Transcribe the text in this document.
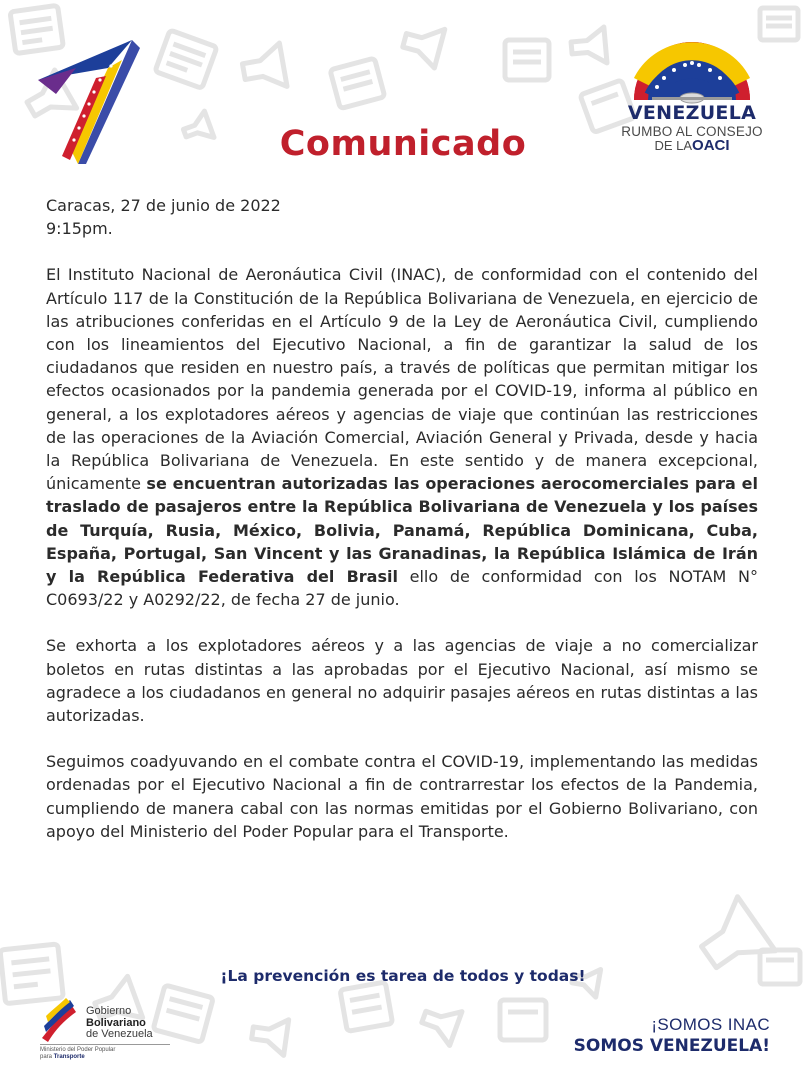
VENEZUELA
RUMBO AL CONSEJO
DE LAOACI
Comunicado

Caracas, 27 de junio de 2022

9:15pm.

El Instituto Nacional de Aeronáutica Civil (INAC), de conformidad con el contenido del Artículo 117 de la Constitución de la República Bolivariana de Venezuela, en ejercicio de las atribuciones conferidas en el Artículo 9 de la Ley de Aeronáutica Civil, cumpliendo con los lineamientos del Ejecutivo Nacional, a fin de garantizar la salud de los ciudadanos que residen en nuestro país, a través de políticas que permitan mitigar los efectos ocasionados por la pandemia generada por el COVID-19, informa al público en general, a los explotadores aéreos y agencias de viaje que continúan las restricciones de las operaciones de la Aviación Comercial, Aviación General y Privada, desde y hacia la República Bolivariana de Venezuela. En este sentido y de manera excepcional, únicamente se encuentran autorizadas las operaciones aerocomerciales para el traslado de pasajeros entre la República Bolivariana de Venezuela y los países de Turquía, Rusia, México, Bolivia, Panamá, República Dominicana, Cuba, España, Portugal, San Vincent y las Granadinas, la República Islámica de Irán y la República Federativa del Brasil ello de conformidad con los NOTAM N° C0693/22 y A0292/22, de fecha 27 de junio.

Se exhorta a los explotadores aéreos y a las agencias de viaje a no comercializar boletos en rutas distintas a las aprobadas por el Ejecutivo Nacional, así mismo se agradece a los ciudadanos en general no adquirir pasajes aéreos en rutas distintas a las autorizadas.

Seguimos coadyuvando en el combate contra el COVID-19, implementando las medidas ordenadas por el Ejecutivo Nacional a fin de contrarrestar los efectos de la Pandemia, cumpliendo de manera cabal con las normas emitidas por el Gobierno Bolivariano, con apoyo del Ministerio del Poder Popular para el Transporte.

¡La prevención es tarea de todos y todas!
Gobierno
Bolivariano
de Venezuela
Ministerio del Poder Popular
para Transporte
¡SOMOS INAC
SOMOS VENEZUELA!
